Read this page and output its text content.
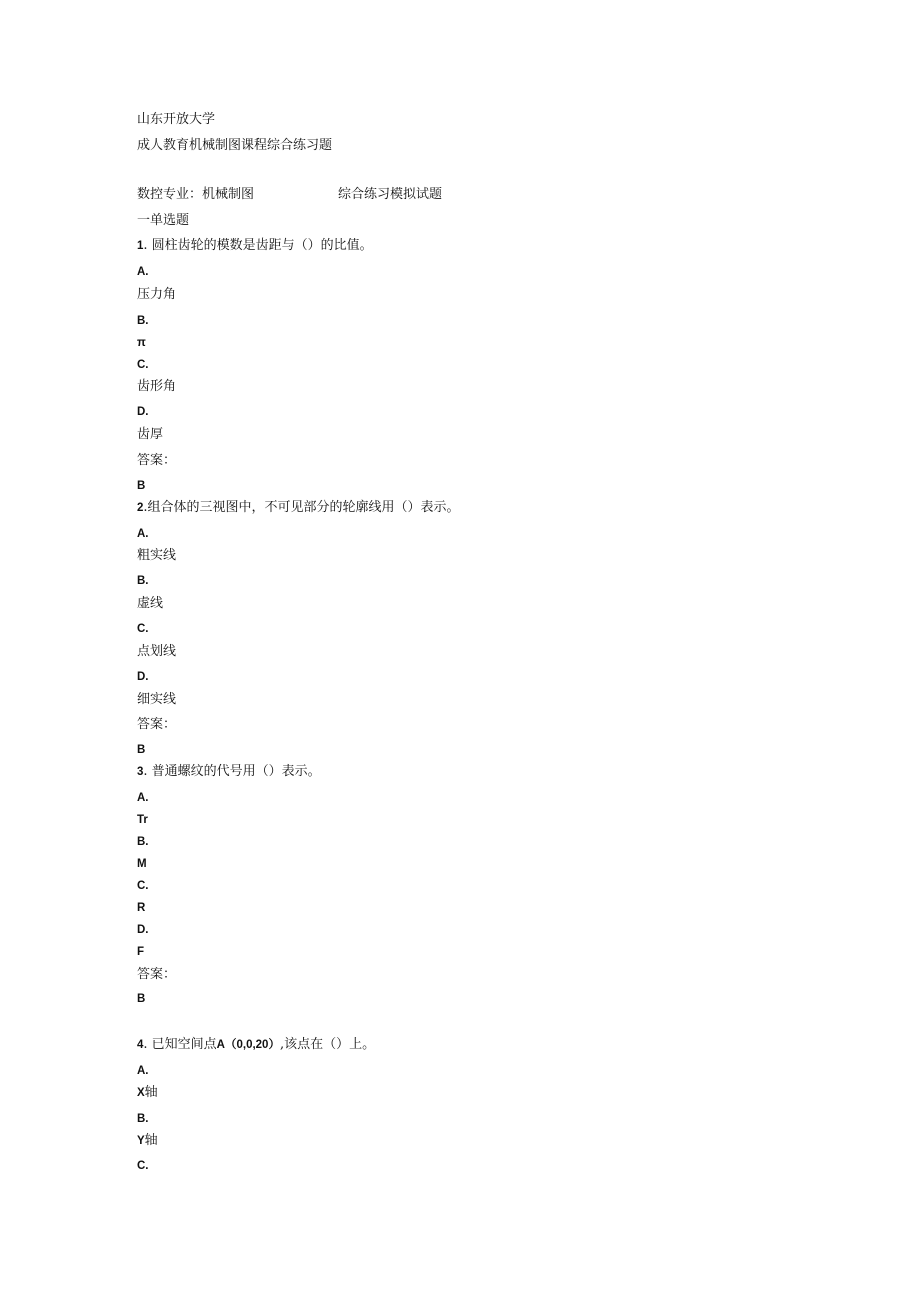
山东开放大学
成人教育机械制图课程综合练习题
数控专业：机械制图	综合练习模拟试题
一单选题
1. 圆柱齿轮的模数是齿距与（）的比值。
A.
压力角
B.
π
C.
齿形角
D.
齿厚
答案：
B
2.组合体的三视图中，不可见部分的轮廓线用（）表示。
A.
粗实线
B.
虚线
C.
点划线
D.
细实线
答案：
B
3. 普通螺纹的代号用（）表示。
A.
Tr
B.
M
C.
R
D.
F
答案：
B
4. 已知空间点A（0,0,20）,该点在（）上。
A.
X轴
B.
Y轴
C.
